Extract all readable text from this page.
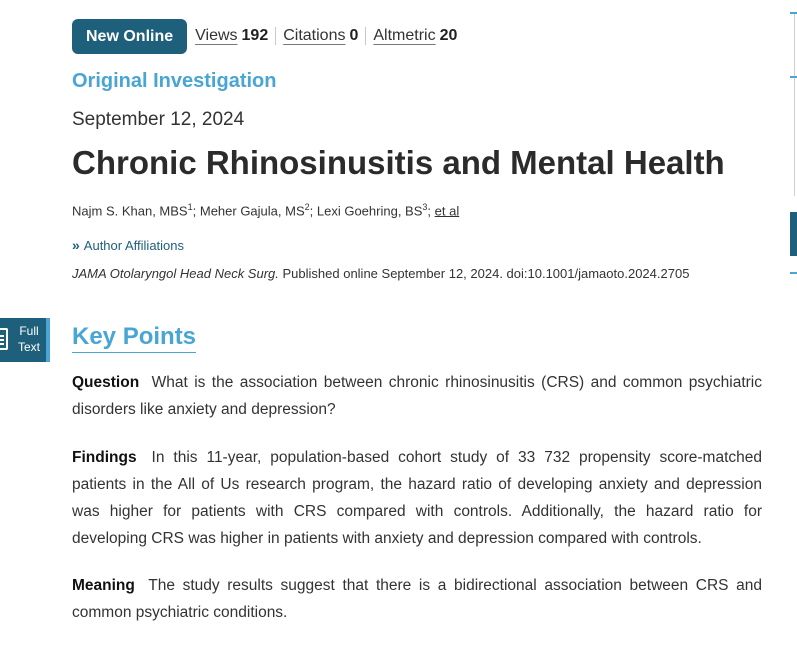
New Online	Views 192 Citations 0 Altmetric 20
Original Investigation
September 12, 2024
Chronic Rhinosinusitis and Mental Health
Najm S. Khan, MBS$^1$; Meher Gajula, $MS^2$; Lexi Goehring, $BS^3$; et al
» Author Affiliations
JAMA Otolaryngol Head Neck Surg. Published online September 12, 2024. doi:10.1001/jamaoto.2024.2705
Full
Text Key Points

Question What is the association between chronic rhinosinusitis (CRS) and common psychiatric disorders like anxiety and depression?

Findings In this 11-year, population-based cohort study of 33 732 propensity score-matched patients in the All of Us research program, the hazard ratio of developing anxiety and depression was higher for patients with CRS compared with controls. Additionally, the hazard ratio for developing CRS was higher in patients with anxiety and depression compared with controls.

Meaning The study results suggest that there is a bidirectional association between CRS and common psychiatric conditions.
